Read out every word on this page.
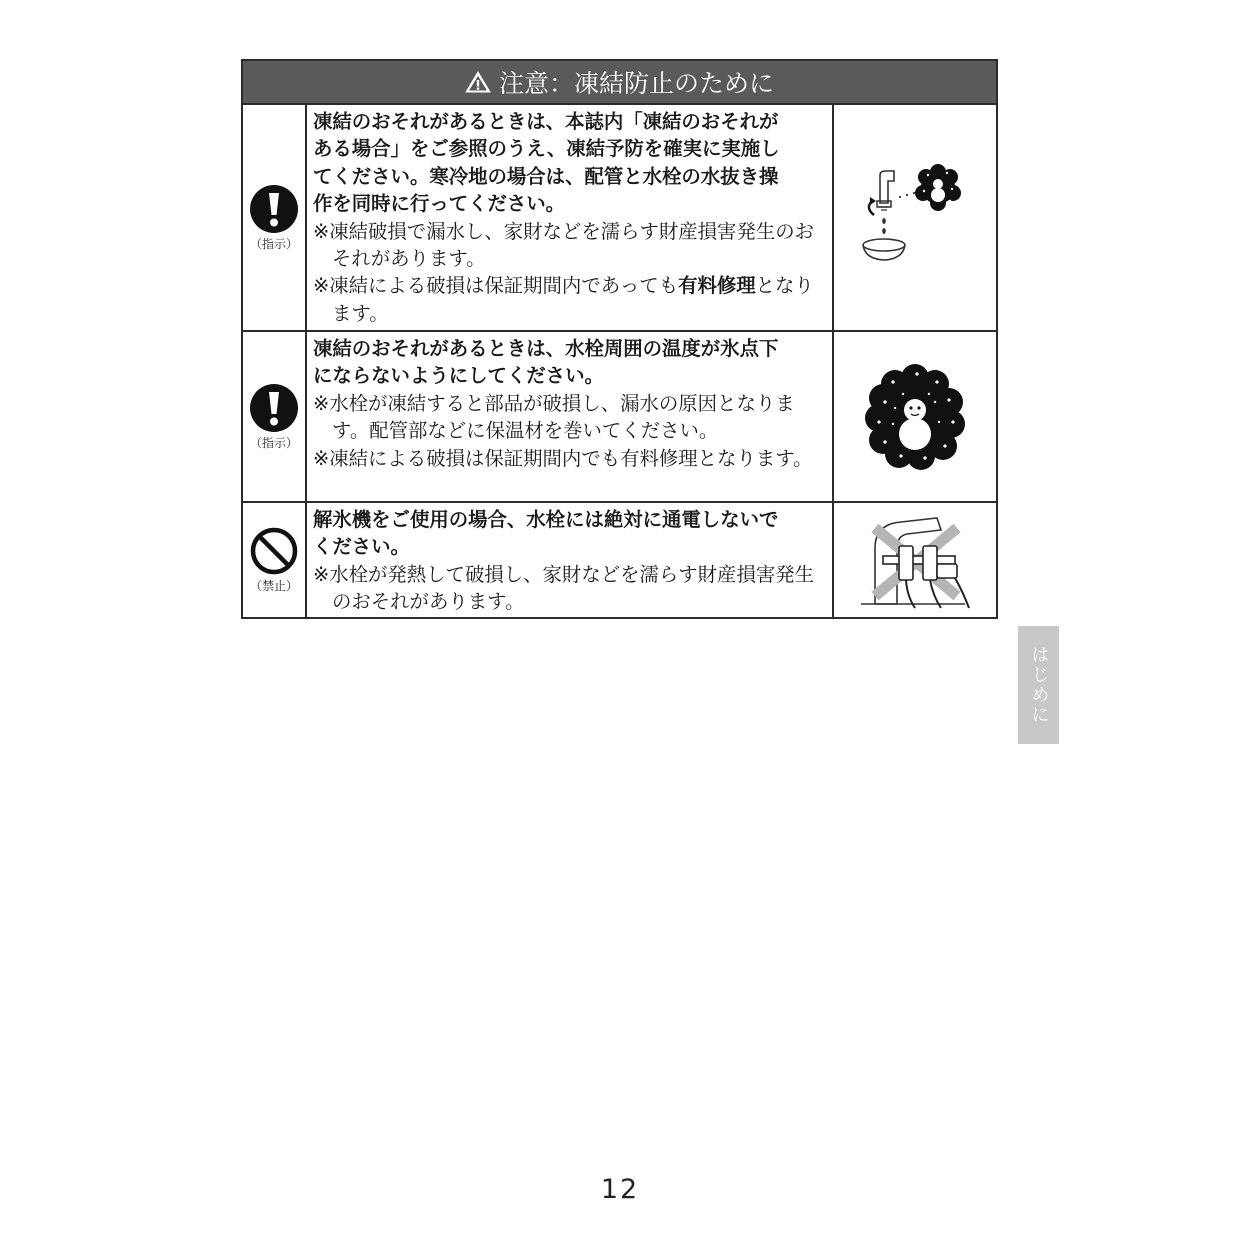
注意：凍結防止のために
（指示）

凍結のおそれがあるときは、本誌内「凍結のおそれが

ある場合」をご参照のうえ、凍結予防を確実に実施し

てください。寒冷地の場合は、配管と水栓の水抜き操

作を同時に行ってください。

※凍結破損で漏水し、家財などを濡らす財産損害発生のおそれがあります。

※凍結による破損は保証期間内であっても有料修理となります。

（指示）

凍結のおそれがあるときは、水栓周囲の温度が氷点下

にならないようにしてください。

※水栓が凍結すると部品が破損し、漏水の原因となります。配管部などに保温材を巻いてください。

※凍結による破損は保証期間内でも有料修理となります。

（禁止）

解氷機をご使用の場合、水栓には絶対に通電しないで

ください。

※水栓が発熱して破損し、家財などを濡らす財産損害発生のおそれがあります。

はじめに
12
